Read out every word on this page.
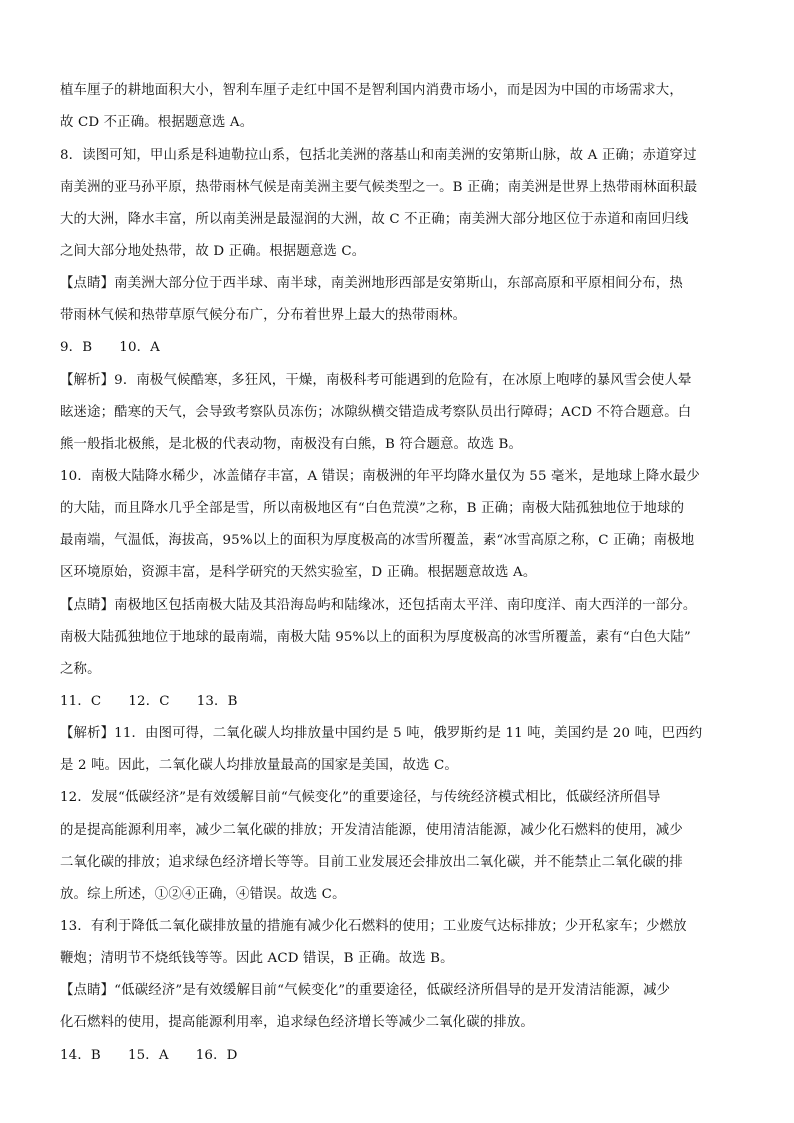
植车厘子的耕地面积大小，智利车厘子走红中国不是智利国内消费市场小，而是因为中国的市场需求大，
故 CD 不正确。根据题意选 A。
8．读图可知，甲山系是科迪勒拉山系，包括北美洲的落基山和南美洲的安第斯山脉，故 A 正确；赤道穿过
南美洲的亚马孙平原，热带雨林气候是南美洲主要气候类型之一。B 正确；南美洲是世界上热带雨林面积最
大的大洲，降水丰富，所以南美洲是最湿润的大洲，故 C 不正确；南美洲大部分地区位于赤道和南回归线
之间大部分地处热带，故 D 正确。根据题意选 C。
【点睛】南美洲大部分位于西半球、南半球，南美洲地形西部是安第斯山，东部高原和平原相间分布，热
带雨林气候和热带草原气候分布广，分布着世界上最大的热带雨林。
9．B　　10．A
【解析】9．南极气候酷寒，多狂风，干燥，南极科考可能遇到的危险有，在冰原上咆哮的暴风雪会使人晕
眩迷途；酷寒的天气，会导致考察队员冻伤；冰隙纵横交错造成考察队员出行障碍；ACD 不符合题意。白
熊一般指北极熊，是北极的代表动物，南极没有白熊，B 符合题意。故选 B。
10．南极大陆降水稀少，冰盖储存丰富，A 错误；南极洲的年平均降水量仅为 55 毫米，是地球上降水最少
的大陆，而且降水几乎全部是雪，所以南极地区有“白色荒漠”之称，B 正确；南极大陆孤独地位于地球的
最南端，气温低，海拔高，95%以上的面积为厚度极高的冰雪所覆盖，素“冰雪高原之称，C 正确；南极地
区环境原始，资源丰富，是科学研究的天然实验室，D 正确。根据题意故选 A。
【点睛】南极地区包括南极大陆及其沿海岛屿和陆缘冰，还包括南太平洋、南印度洋、南大西洋的一部分。
南极大陆孤独地位于地球的最南端，南极大陆 95%以上的面积为厚度极高的冰雪所覆盖，素有“白色大陆”
之称。
11．C　　12．C　　13．B
【解析】11．由图可得，二氧化碳人均排放量中国约是 5 吨，俄罗斯约是 11 吨，美国约是 20 吨，巴西约
是 2 吨。因此，二氧化碳人均排放量最高的国家是美国，故选 C。
12．发展“低碳经济”是有效缓解目前“气候变化”的重要途径，与传统经济模式相比，低碳经济所倡导
的是提高能源利用率，减少二氧化碳的排放；开发清洁能源，使用清洁能源，减少化石燃料的使用，减少
二氧化碳的排放；追求绿色经济增长等等。目前工业发展还会排放出二氧化碳，并不能禁止二氧化碳的排
放。综上所述，①②④正确，④错误。故选 C。
13．有利于降低二氧化碳排放量的措施有减少化石燃料的使用；工业废气达标排放；少开私家车；少燃放
鞭炮；清明节不烧纸钱等等。因此 ACD 错误，B 正确。故选 B。
【点睛】“低碳经济”是有效缓解目前“气候变化”的重要途径，低碳经济所倡导的是开发清洁能源，减少
化石燃料的使用，提高能源利用率，追求绿色经济增长等减少二氧化碳的排放。
14．B　　15．A　　16．D
